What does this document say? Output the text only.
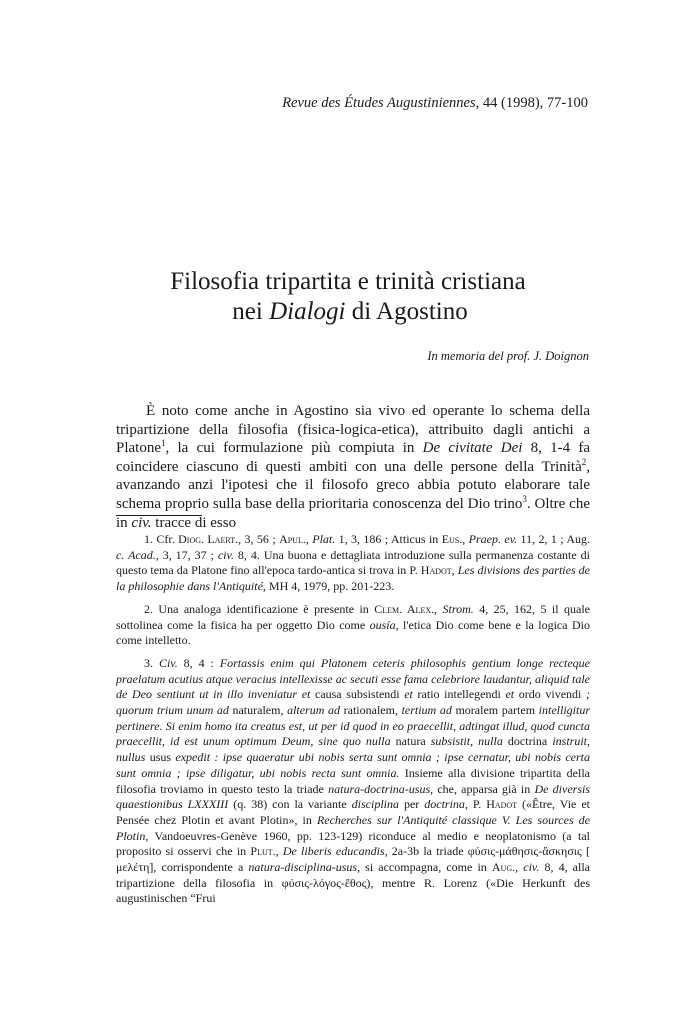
Revue des Études Augustiniennes, 44 (1998), 77-100
Filosofia tripartita e trinità cristiana
nei Dialogi di Agostino
In memoria del prof. J. Doignon

È noto come anche in Agostino sia vivo ed operante lo schema della tripartizione della filosofia (fisica-logica-etica), attribuito dagli antichi a Platone$^1$, la cui formulazione più compiuta in De civitate Dei 8, 1-4 fa coincidere ciascuno di questi ambiti con una delle persone della Trinità$^2$, avanzando anzi l'ipotesi che il filosofo greco abbia potuto elaborare tale schema proprio sulla base della prioritaria conoscenza del Dio trino$^3$. Oltre che in civ. tracce di esso

1. Cfr. Diog. Laert., 3, 56 ; Apul., Plat. 1, 3, 186 ; Atticus in Eus., Praep. ev. 11, 2, 1 ; Aug. c. Acad., 3, 17, 37 ; civ. 8, 4. Una buona e dettagliata introduzione sulla permanenza costante di questo tema da Platone fino all'epoca tardo-antica si trova in P. Hadot, Les divisions des parties de la philosophie dans l'Antiquité, MH 4, 1979, pp. 201-223.

2. Una analoga identificazione è presente in Clem. Alex., Strom. 4, 25, 162, 5 il quale sottolinea come la fisica ha per oggetto Dio come ousía, l'etica Dio come bene e la logica Dio come intelletto.

3. Civ. 8, 4 : Fortassis enim qui Platonem ceteris philosophis gentium longe recteque praelatum acutius atque veracius intellexisse ac secuti esse fama celebriore laudantur, aliquid tale de Deo sentiunt ut in illo inveniatur et causa subsistendi et ratio intellegendi et ordo vivendi ; quorum trium unum ad naturalem, alterum ad rationalem, tertium ad moralem partem intelligitur pertinere. Si enim homo ita creatus est, ut per id quod in eo praecellit, adtingat illud, quod cuncta praecellit, id est unum optimum Deum, sine quo nulla natura subsistit, nulla doctrina instruit, nullus usus expedit : ipse quaeratur ubi nobis serta sunt omnia ; ipse cernatur, ubi nobis certa sunt omnia ; ipse diligatur, ubi nobis recta sunt omnia. Insieme alla divisione tripartita della filosofia troviamo in questo testo la triade natura-doctrina-usus, che, apparsa già in De diversis quaestionibus LXXXIII (q. 38) con la variante disciplina per doctrina, P. Hadot («Être, Vie et Pensée chez Plotin et avant Plotin», in Recherches sur l'Antiquité classique V. Les sources de Plotin, Vandoeuvres-Genève 1960, pp. 123-129) riconduce al medio e neoplatonismo (a tal proposito si osservi che in Plut., De liberis educandis, 2a-3b la triade φύσις-μάθησις-ἄσκησις [ μελέτη], corrispondente a natura-disciplina-usus, si accompagna, come in Aug., civ. 8, 4, alla tripartizione della filosofia in φύσις-λόγος-ἔθος), mentre R. Lorenz («Die Herkunft des augustinischen “Frui
